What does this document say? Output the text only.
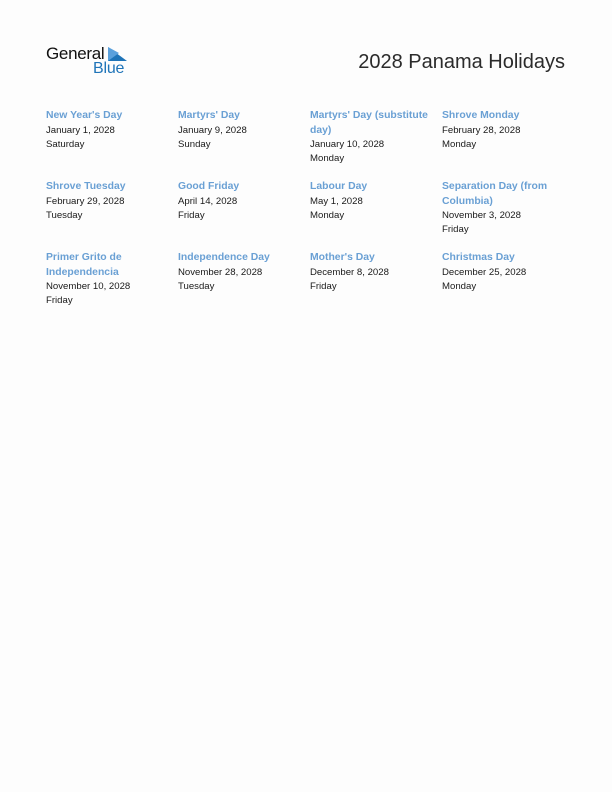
General
Blue	2028 Panama Holidays
New Year's Day
January 1, 2028
Saturday
Martyrs' Day
January 9, 2028
Sunday
Martyrs' Day (substitute day)
January 10, 2028
Monday
Shrove Monday
February 28, 2028
Monday
Shrove Tuesday
February 29, 2028
Tuesday
Good Friday
April 14, 2028
Friday
Labour Day
May 1, 2028
Monday
Separation Day (from Columbia)
November 3, 2028
Friday
Primer Grito de Independencia
November 10, 2028
Friday
Independence Day
November 28, 2028
Tuesday
Mother's Day
December 8, 2028
Friday
Christmas Day
December 25, 2028
Monday
